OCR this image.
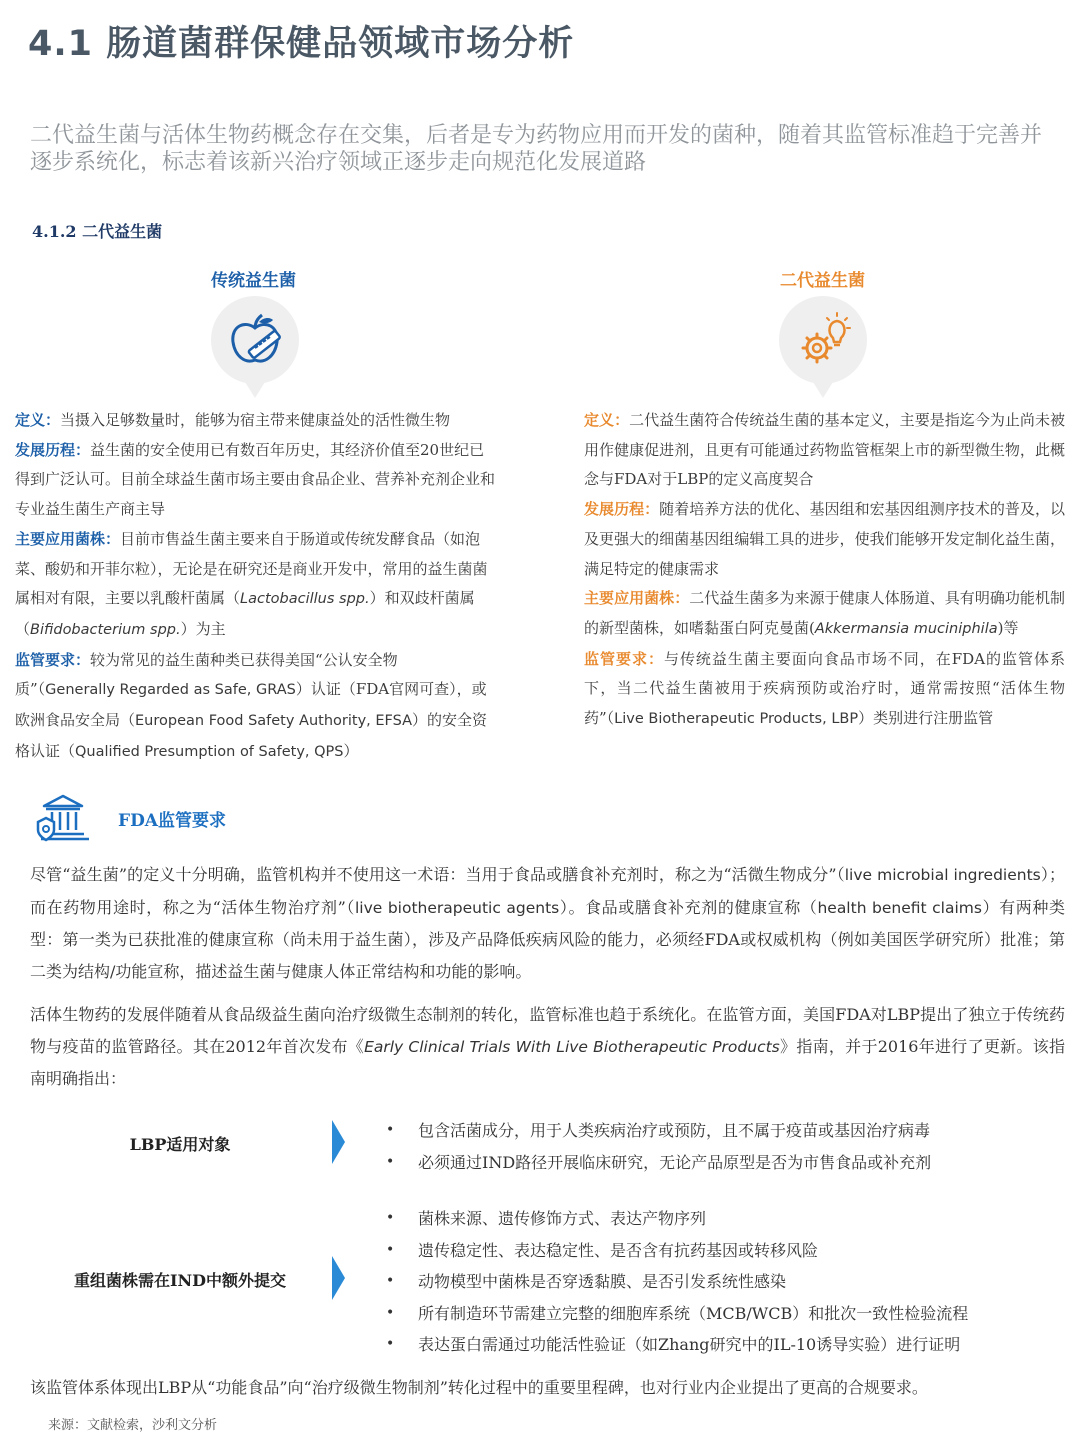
4.1 肠道菌群保健品领域市场分析
二代益生菌与活体生物药概念存在交集，后者是专为药物应用而开发的菌种，随着其监管标准趋于完善并逐步系统化，标志着该新兴治疗领域正逐步走向规范化发展道路
4.1.2 二代益生菌
传统益生菌	二代益生菌

定义：当摄入足够数量时，能够为宿主带来健康益处的活性微生物

发展历程：益生菌的安全使用已有数百年历史，其经济价值至20世纪已得到广泛认可。目前全球益生菌市场主要由食品企业、营养补充剂企业和专业益生菌生产商主导

主要应用菌株：目前市售益生菌主要来自于肠道或传统发酵食品（如泡菜、酸奶和开菲尔粒），无论是在研究还是商业开发中，常用的益生菌菌属相对有限，主要以乳酸杆菌属（Lactobacillus spp.）和双歧杆菌属（Bifidobacterium spp.）为主

监管要求：较为常见的益生菌种类已获得美国“公认安全物质”（Generally Regarded as Safe, GRAS）认证（FDA官网可查），或欧洲食品安全局（European Food Safety Authority, EFSA）的安全资格认证（Qualified Presumption of Safety, QPS）

定义：二代益生菌符合传统益生菌的基本定义，主要是指迄今为止尚未被用作健康促进剂，且更有可能通过药物监管框架上市的新型微生物，此概念与FDA对于LBP的定义高度契合

发展历程：随着培养方法的优化、基因组和宏基因组测序技术的普及，以及更强大的细菌基因组编辑工具的进步，使我们能够开发定制化益生菌，满足特定的健康需求

主要应用菌株：二代益生菌多为来源于健康人体肠道、具有明确功能机制的新型菌株，如嗜黏蛋白阿克曼菌(Akkermansia muciniphila)等

监管要求：与传统益生菌主要面向食品市场不同，在FDA的监管体系下，当二代益生菌被用于疾病预防或治疗时，通常需按照“活体生物药”（Live Biotherapeutic Products, LBP）类别进行注册监管

FDA监管要求

尽管“益生菌”的定义十分明确，监管机构并不使用这一术语：当用于食品或膳食补充剂时，称之为“活微生物成分”（live microbial ingredients）；而在药物用途时，称之为“活体生物治疗剂”（live biotherapeutic agents）。食品或膳食补充剂的健康宣称（health benefit claims）有两种类型：第一类为已获批准的健康宣称（尚未用于益生菌），涉及产品降低疾病风险的能力，必须经FDA或权威机构（例如美国医学研究所）批准；第二类为结构/功能宣称，描述益生菌与健康人体正常结构和功能的影响。

活体生物药的发展伴随着从食品级益生菌向治疗级微生态制剂的转化，监管标准也趋于系统化。在监管方面，美国FDA对LBP提出了独立于传统药物与疫苗的监管路径。其在2012年首次发布《Early Clinical Trials With Live Biotherapeutic Products》指南，并于2016年进行了更新。该指南明确指出：

LBP适用对象
• 包含活菌成分，用于人类疾病治疗或预防，且不属于疫苗或基因治疗病毒
• 必须通过IND路径开展临床研究，无论产品原型是否为市售食品或补充剂
重组菌株需在IND中额外提交
• 菌株来源、遗传修饰方式、表达产物序列
• 遗传稳定性、表达稳定性、是否含有抗药基因或转移风险
• 动物模型中菌株是否穿透黏膜、是否引发系统性感染
• 所有制造环节需建立完整的细胞库系统（MCB/WCB）和批次一致性检验流程
• 表达蛋白需通过功能活性验证（如Zhang研究中的IL-10诱导实验）进行证明
该监管体系体现出LBP从“功能食品”向“治疗级微生物制剂”转化过程中的重要里程碑，也对行业内企业提出了更高的合规要求。
来源：文献检索，沙利文分析
